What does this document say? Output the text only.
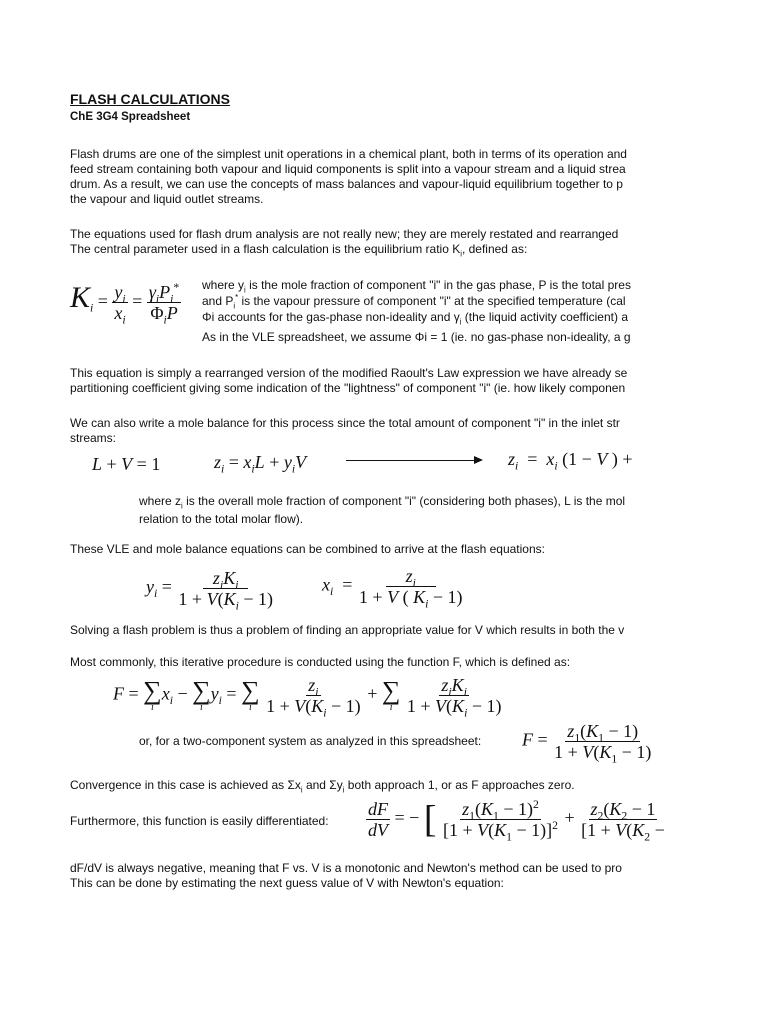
FLASH CALCULATIONS
ChE 3G4 Spreadsheet
Flash drums are one of the simplest unit operations in a chemical plant, both in terms of its operation and
feed stream containing both vapour and liquid components is split into a vapour stream and a liquid strea
drum. As a result, we can use the concepts of mass balances and vapour-liquid equilibrium together to p
the vapour and liquid outlet streams.
The equations used for flash drum analysis are not really new; they are merely restated and rearranged
The central parameter used in a flash calculation is the equilibrium ratio $K_i$, defined as:
$K_i = \frac{y_i}{x_i} = \frac{\gamma_iP_i^*}{\Phi_iP}$ where $y_i$ is the mole fraction of component "i" in the gas phase, P is the total pres
and $P_i^*$ is the vapour pressure of component "i" at the specified temperature (cal
Φi accounts for the gas-phase non-ideality and $\gamma_i$ (the liquid activity coefficient) a
As in the VLE spreadsheet, we assume Φi = 1 (ie. no gas-phase non-ideality, a g
This equation is simply a rearranged version of the modified Raoult's Law expression we have already se
partitioning coefficient giving some indication of the "lightness" of component "i" (ie. how likely componen
We can also write a mole balance for this process since the total amount of component "i" in the inlet str
streams:
L + V = 1	$z_i = x_iL + y_iV$	$z_i = x_i$ (1 − V ) +
where $z_i$ is the overall mole fraction of component "i" (considering both phases), L is the mol
relation to the total molar flow).
These VLE and mole balance equations can be combined to arrive at the flash equations:
$y_i = \frac{z_iK_i}{1 + V(K_i - 1)}$	$x_i = \frac{z_i}{1 + V ( K_i - 1)}$
Solving a flash problem is thus a problem of finding an appropriate value for V which results in both the v
Most commonly, this iterative procedure is conducted using the function F, which is defined as:
F = ∑
i
$x_i$ − ∑
i
$y_i$ = ∑
i
$\frac{z_i}{1 + V(K_i - 1)}$ + ∑
i
$\frac{z_iK_i}{1 + V(K_i - 1)}$
or, for a two-component system as analyzed in this spreadsheet: $F = \frac{z_1(K_1 - 1)}{1 + V(K_1 - 1)}$
Convergence in this case is achieved as $\Sigma x_i$ and $\Sigma y_i$ both approach 1, or as F approaches zero.
Furthermore, this function is easily differentiated: $\frac{dF}{dV}$ = − [ $\frac{z_1(K_1 - 1)^2}{[1 + V(K_1 - 1)]^2} + \frac{z_2(K_2 - 1}{[1 + V(K_2 -}$
dF/dV is always negative, meaning that F vs. V is a monotonic and Newton's method can be used to pro
This can be done by estimating the next guess value of V with Newton's equation:
